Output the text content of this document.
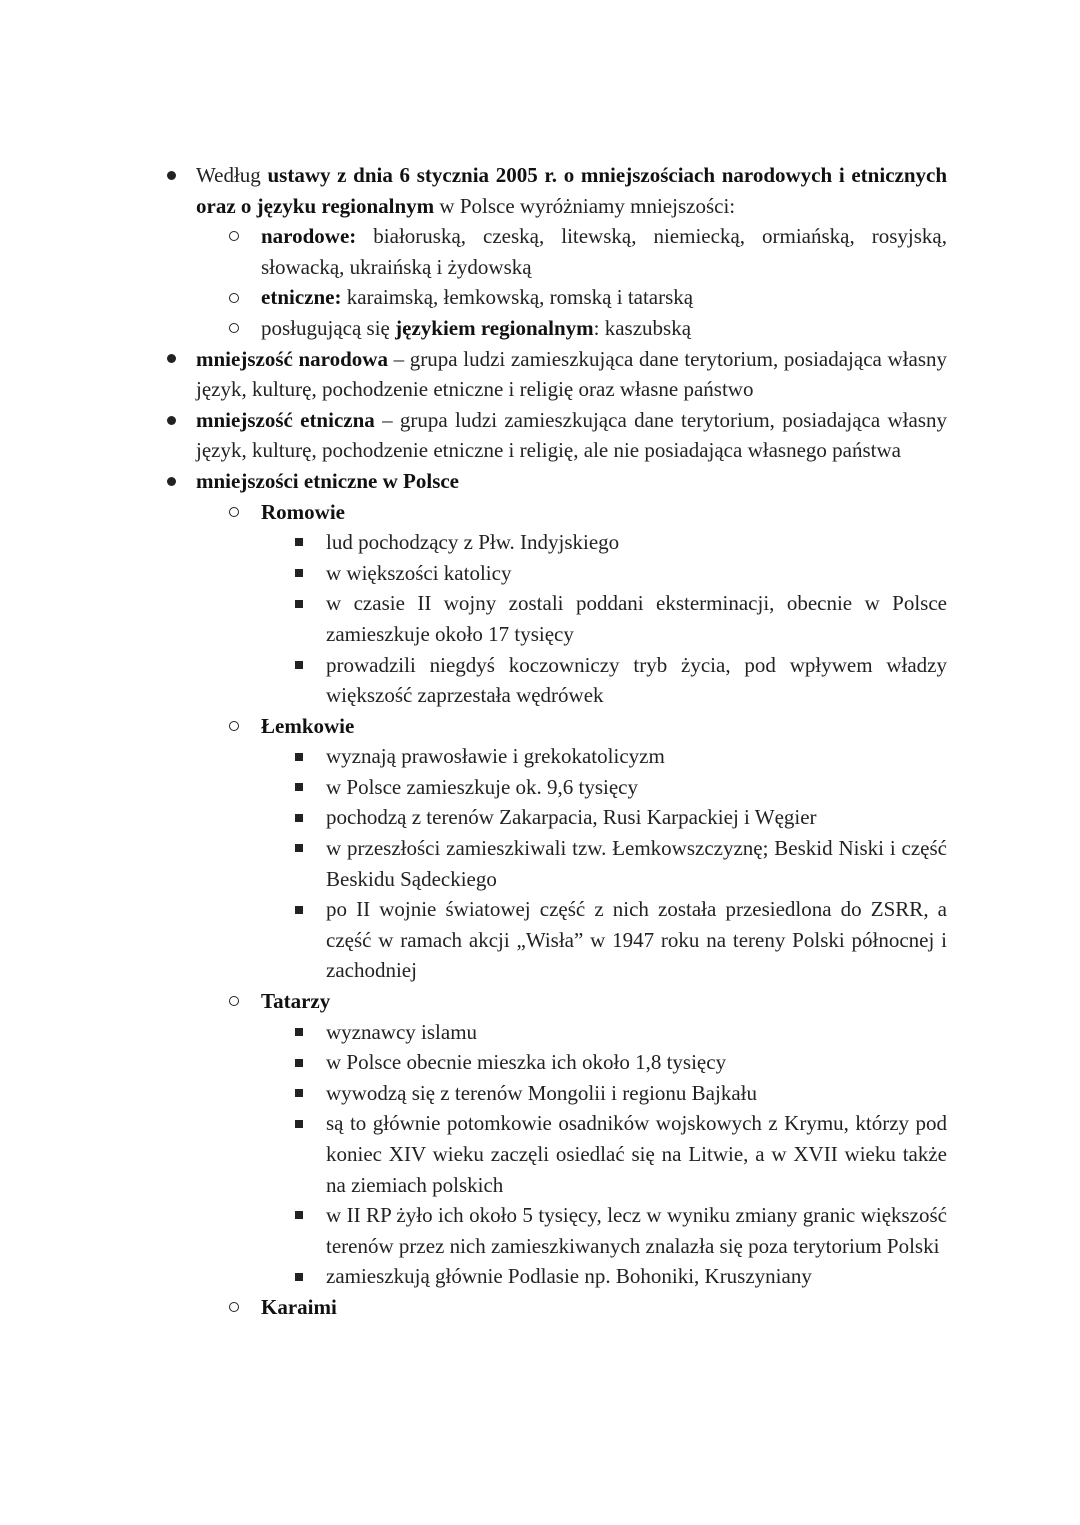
Według ustawy z dnia 6 stycznia 2005 r. o mniejszościach narodowych i etnicznych oraz o języku regionalnym w Polsce wyróżniamy mniejszości:
narodowe: białoruską, czeską, litewską, niemiecką, ormiańską, rosyjską, słowacką, ukraińską i żydowską
etniczne: karaimską, łemkowską, romską i tatarską
posługującą się językiem regionalnym: kaszubską
mniejszość narodowa – grupa ludzi zamieszkująca dane terytorium, posiadająca własny język, kulturę, pochodzenie etniczne i religię oraz własne państwo
mniejszość etniczna – grupa ludzi zamieszkująca dane terytorium, posiadająca własny język, kulturę, pochodzenie etniczne i religię, ale nie posiadająca własnego państwa
mniejszości etniczne w Polsce
Romowie
lud pochodzący z Płw. Indyjskiego
w większości katolicy
w czasie II wojny zostali poddani eksterminacji, obecnie w Polsce zamieszkuje około 17 tysięcy
prowadzili niegdyś koczowniczy tryb życia, pod wpływem władzy większość zaprzestała wędrówek
Łemkowie
wyznają prawosławie i grekokatolicyzm
w Polsce zamieszkuje ok. 9,6 tysięcy
pochodzą z terenów Zakarpacia, Rusi Karpackiej i Węgier
w przeszłości zamieszkiwali tzw. Łemkowszczyznę; Beskid Niski i część Beskidu Sądeckiego
po II wojnie światowej część z nich została przesiedlona do ZSRR, a część w ramach akcji „Wisła” w 1947 roku na tereny Polski północnej i zachodniej
Tatarzy
wyznawcy islamu
w Polsce obecnie mieszka ich około 1,8 tysięcy
wywodzą się z terenów Mongolii i regionu Bajkału
są to głównie potomkowie osadników wojskowych z Krymu, którzy pod koniec XIV wieku zaczęli osiedlać się na Litwie, a w XVII wieku także na ziemiach polskich
w II RP żyło ich około 5 tysięcy, lecz w wyniku zmiany granic większość terenów przez nich zamieszkiwanych znalazła się poza terytorium Polski
zamieszkują głównie Podlasie np. Bohoniki, Kruszyniany
Karaimi
